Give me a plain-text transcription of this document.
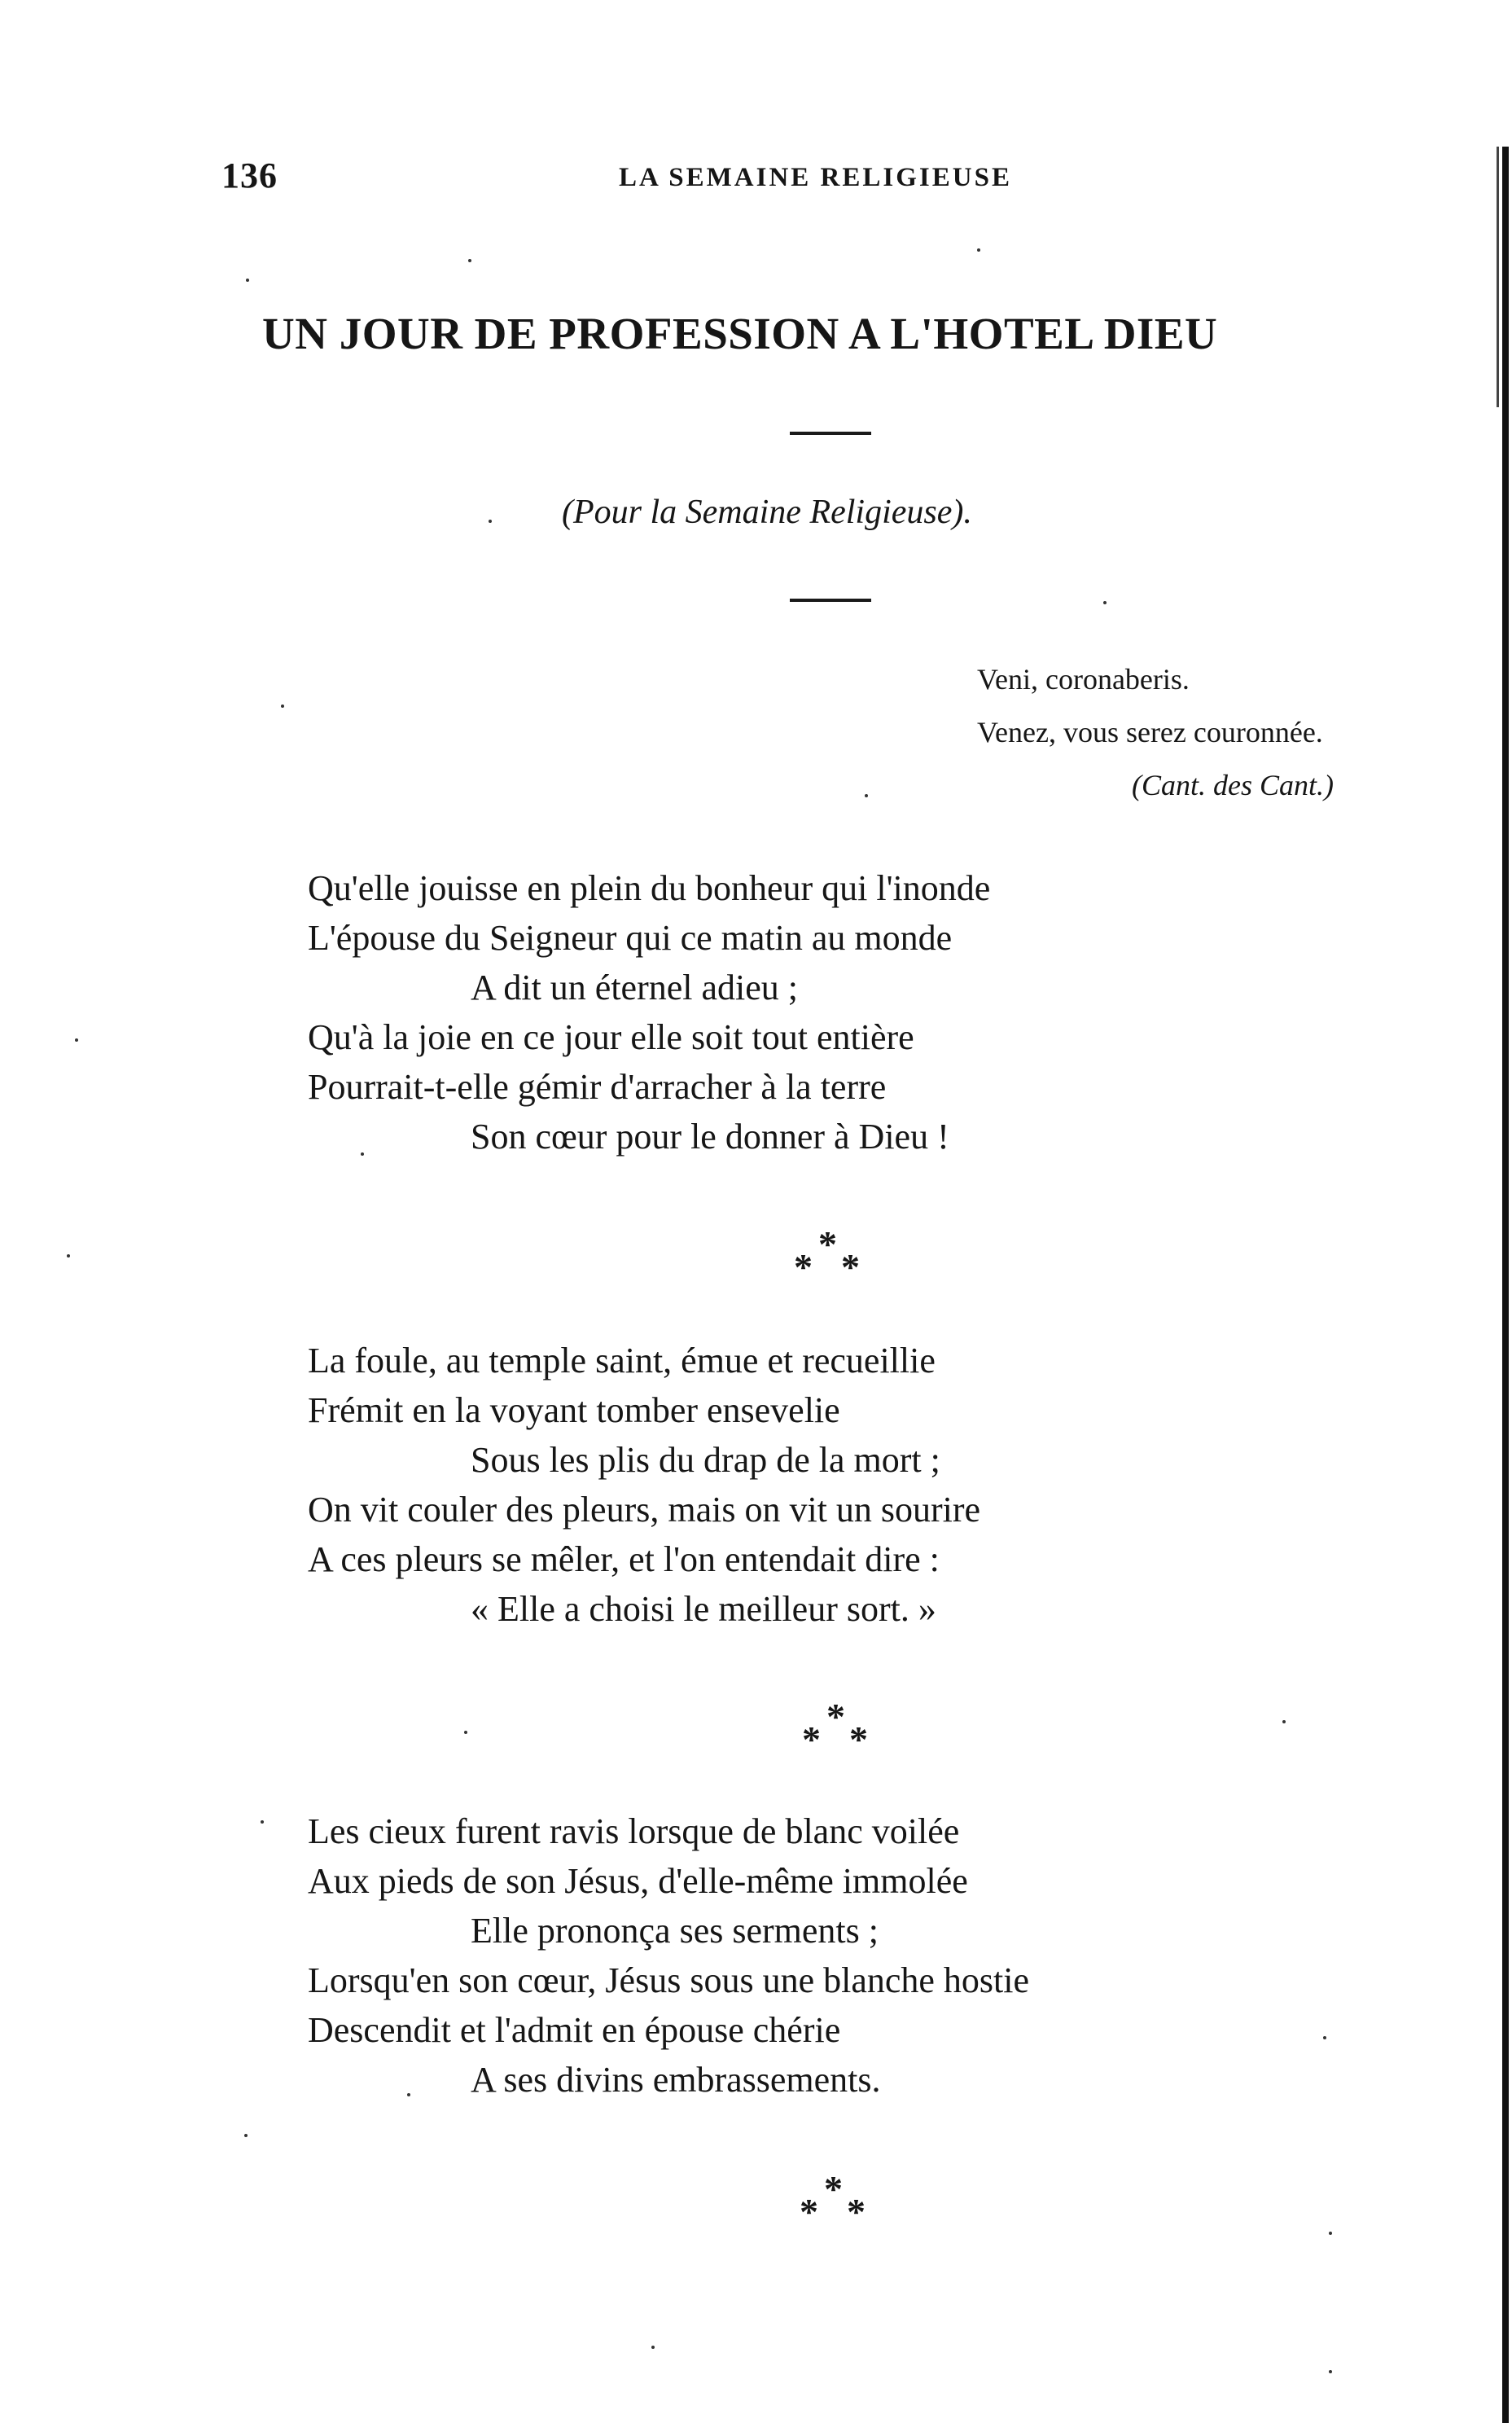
136	LA SEMAINE RELIGIEUSE
UN JOUR DE PROFESSION A L'HOTEL DIEU
(Pour la Semaine Religieuse).
Veni, coronaberis.
Venez, vous serez couronnée.
(Cant. des Cant.)
Qu'elle jouisse en plein du bonheur qui l'inonde
L'épouse du Seigneur qui ce matin au monde
A dit un éternel adieu ;
Qu'à la joie en ce jour elle soit tout entière
Pourrait-t-elle gémir d'arracher à la terre
Son cœur pour le donner à Dieu !
*
*
*
La foule, au temple saint, émue et recueillie
Frémit en la voyant tomber ensevelie
Sous les plis du drap de la mort ;
On vit couler des pleurs, mais on vit un sourire
A ces pleurs se mêler, et l'on entendait dire :
« Elle a choisi le meilleur sort. »
*
*
*
Les cieux furent ravis lorsque de blanc voilée
Aux pieds de son Jésus, d'elle-même immolée
Elle prononça ses serments ;
Lorsqu'en son cœur, Jésus sous une blanche hostie
Descendit et l'admit en épouse chérie
A ses divins embrassements.
*
*
*
